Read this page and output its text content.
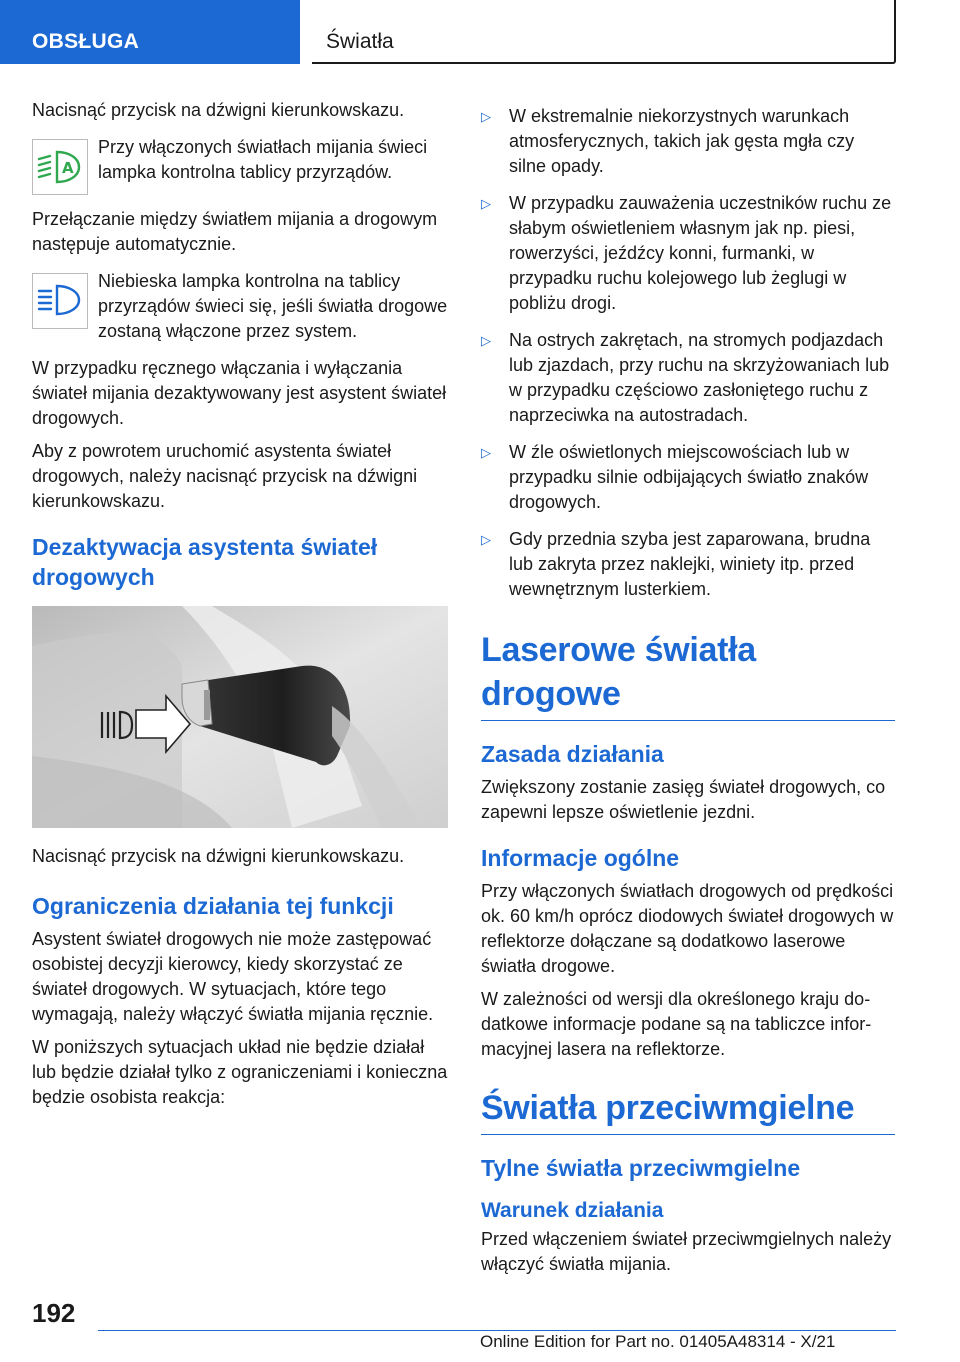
OBSŁUGA	Światła

Nacisnąć przycisk na dźwigni kierunkowskazu.

A

Przy włączonych światłach mijania świeci lampka kontrolna tablicy przyrządów.

Przełączanie między światłem mijania a drogowym następuje automatycznie.

Niebieska lampka kontrolna na tablicy przyrządów świeci się, jeśli światła drogowe zostaną włączone przez system.

W przypadku ręcznego włączania i wyłączania świateł mijania dezaktywowany jest asystent świateł drogowych.

Aby z powrotem uruchomić asystenta świateł drogowych, należy nacisnąć przycisk na dźwigni kierunkowskazu.

Dezaktywacja asystenta świateł drogowych

Nacisnąć przycisk na dźwigni kierunkowskazu.

Ograniczenia działania tej funkcji

Asystent świateł drogowych nie może zastępować osobistej decyzji kierowcy, kiedy skorzystać ze świateł drogowych. W sytuacjach, które tego wymagają, należy włączyć światła mijania ręcznie.

W poniższych sytuacjach układ nie będzie działał lub będzie działał tylko z ograniczeniami i konieczna będzie osobista reakcja:

▷	W ekstremalnie niekorzystnych warunkach atmosferycznych, takich jak gęsta mgła czy silne opady.
▷	W przypadku zauważenia uczestników ruchu ze słabym oświetleniem własnym jak np. piesi, rowerzyści, jeźdźcy konni, furmanki, w przypadku ruchu kolejowego lub żeglugi w pobliżu drogi.
▷	Na ostrych zakrętach, na stromych podjazdach lub zjazdach, przy ruchu na skrzyżowaniach lub w przypadku częściowo zasłoniętego ruchu z naprzeciwka na autostradach.
▷	W źle oświetlonych miejscowościach lub w przypadku silnie odbijających światło znaków drogowych.
▷	Gdy przednia szyba jest zaparowana, brudna lub zakryta przez naklejki, winiety itp. przed wewnętrznym lusterkiem.
Laserowe światła drogowe
Zasada działania

Zwiększony zostanie zasięg świateł drogowych, co zapewni lepsze oświetlenie jezdni.

Informacje ogólne

Przy włączonych światłach drogowych od prędkości ok. 60 km/h oprócz diodowych świateł drogowych w reflektorze dołączane są dodatkowo laserowe światła drogowe.

W zależności od wersji dla określonego kraju dodatkowe informacje podane są na tabliczce informacyjnej lasera na reflektorze.

Światła przeciwmgielne
Tylne światła przeciwmgielne
Warunek działania

Przed włączeniem świateł przeciwmgielnych należy włączyć światła mijania.

192
Online Edition for Part no. 01405A48314 - X/21
